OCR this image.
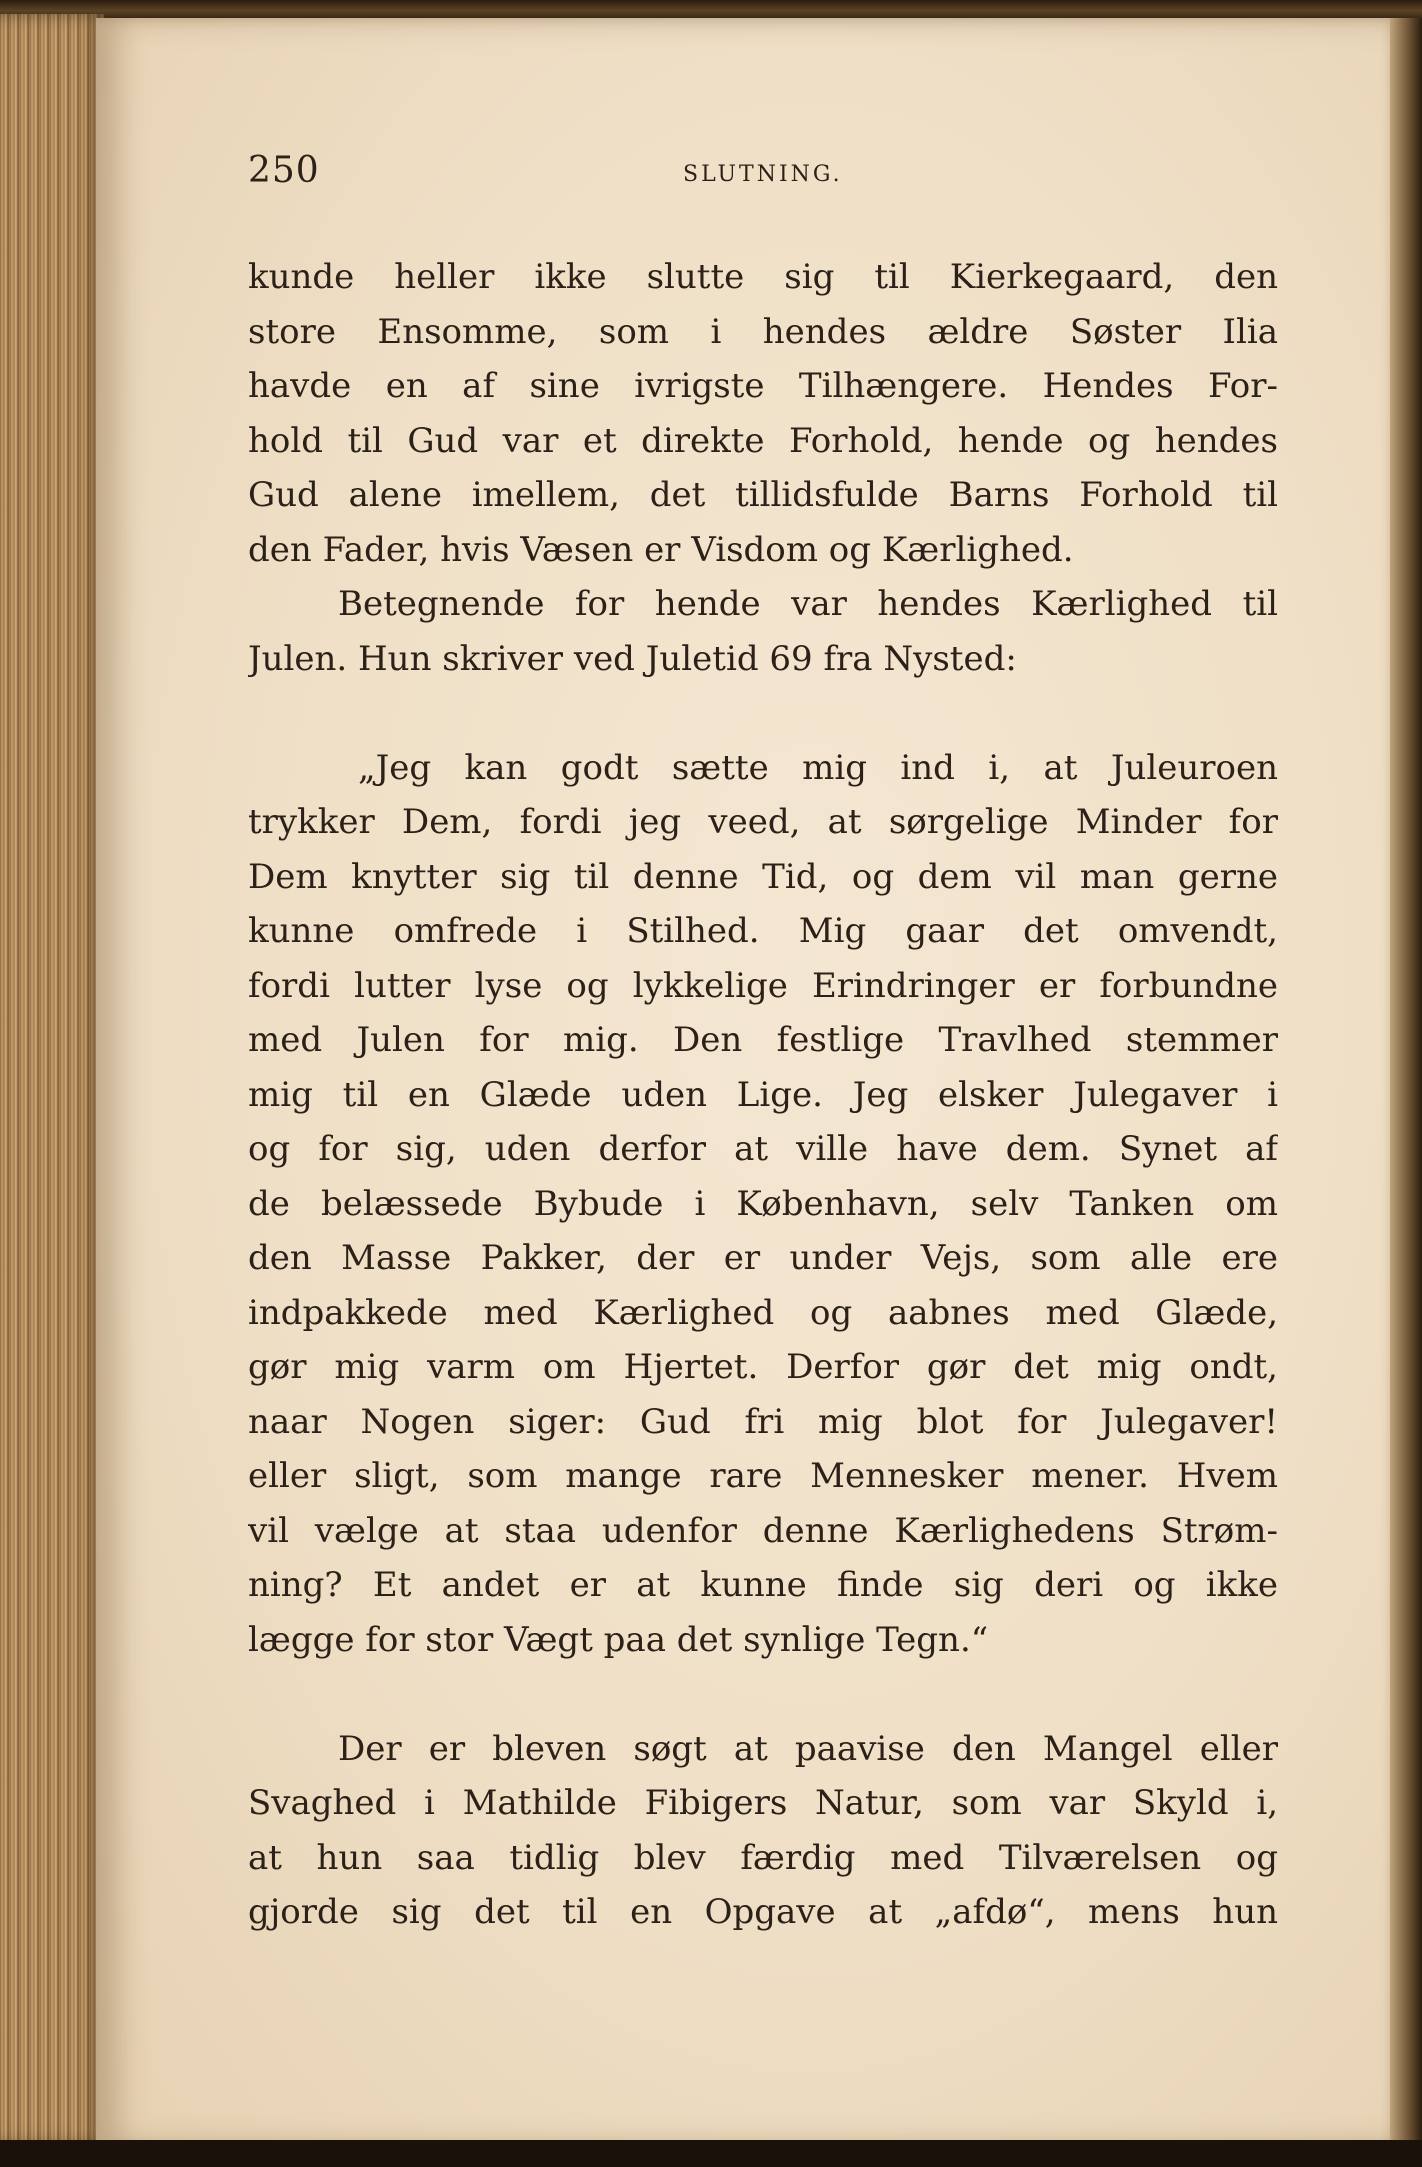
250	SLUTNING.
kunde heller ikke slutte sig til Kierkegaard, den
store Ensomme, som i hendes ældre Søster Ilia
havde en af sine ivrigste Tilhængere. Hendes For-
hold til Gud var et direkte Forhold, hende og hendes
Gud alene imellem, det tillidsfulde Barns Forhold til
den Fader, hvis Væsen er Visdom og Kærlighed.
Betegnende for hende var hendes Kærlighed til
Julen. Hun skriver ved Juletid 69 fra Nysted:
„Jeg kan godt sætte mig ind i, at Juleuroen
trykker Dem, fordi jeg veed, at sørgelige Minder for
Dem knytter sig til denne Tid, og dem vil man gerne
kunne omfrede i Stilhed. Mig gaar det omvendt,
fordi lutter lyse og lykkelige Erindringer er forbundne
med Julen for mig. Den festlige Travlhed stemmer
mig til en Glæde uden Lige. Jeg elsker Julegaver i
og for sig, uden derfor at ville have dem. Synet af
de belæssede Bybude i København, selv Tanken om
den Masse Pakker, der er under Vejs, som alle ere
indpakkede med Kærlighed og aabnes med Glæde,
gør mig varm om Hjertet. Derfor gør det mig ondt,
naar Nogen siger: Gud fri mig blot for Julegaver!
eller sligt, som mange rare Mennesker mener. Hvem
vil vælge at staa udenfor denne Kærlighedens Strøm-
ning? Et andet er at kunne finde sig deri og ikke
lægge for stor Vægt paa det synlige Tegn.“
Der er bleven søgt at paavise den Mangel eller
Svaghed i Mathilde Fibigers Natur, som var Skyld i,
at hun saa tidlig blev færdig med Tilværelsen og
gjorde sig det til en Opgave at „afdø“, mens hun
